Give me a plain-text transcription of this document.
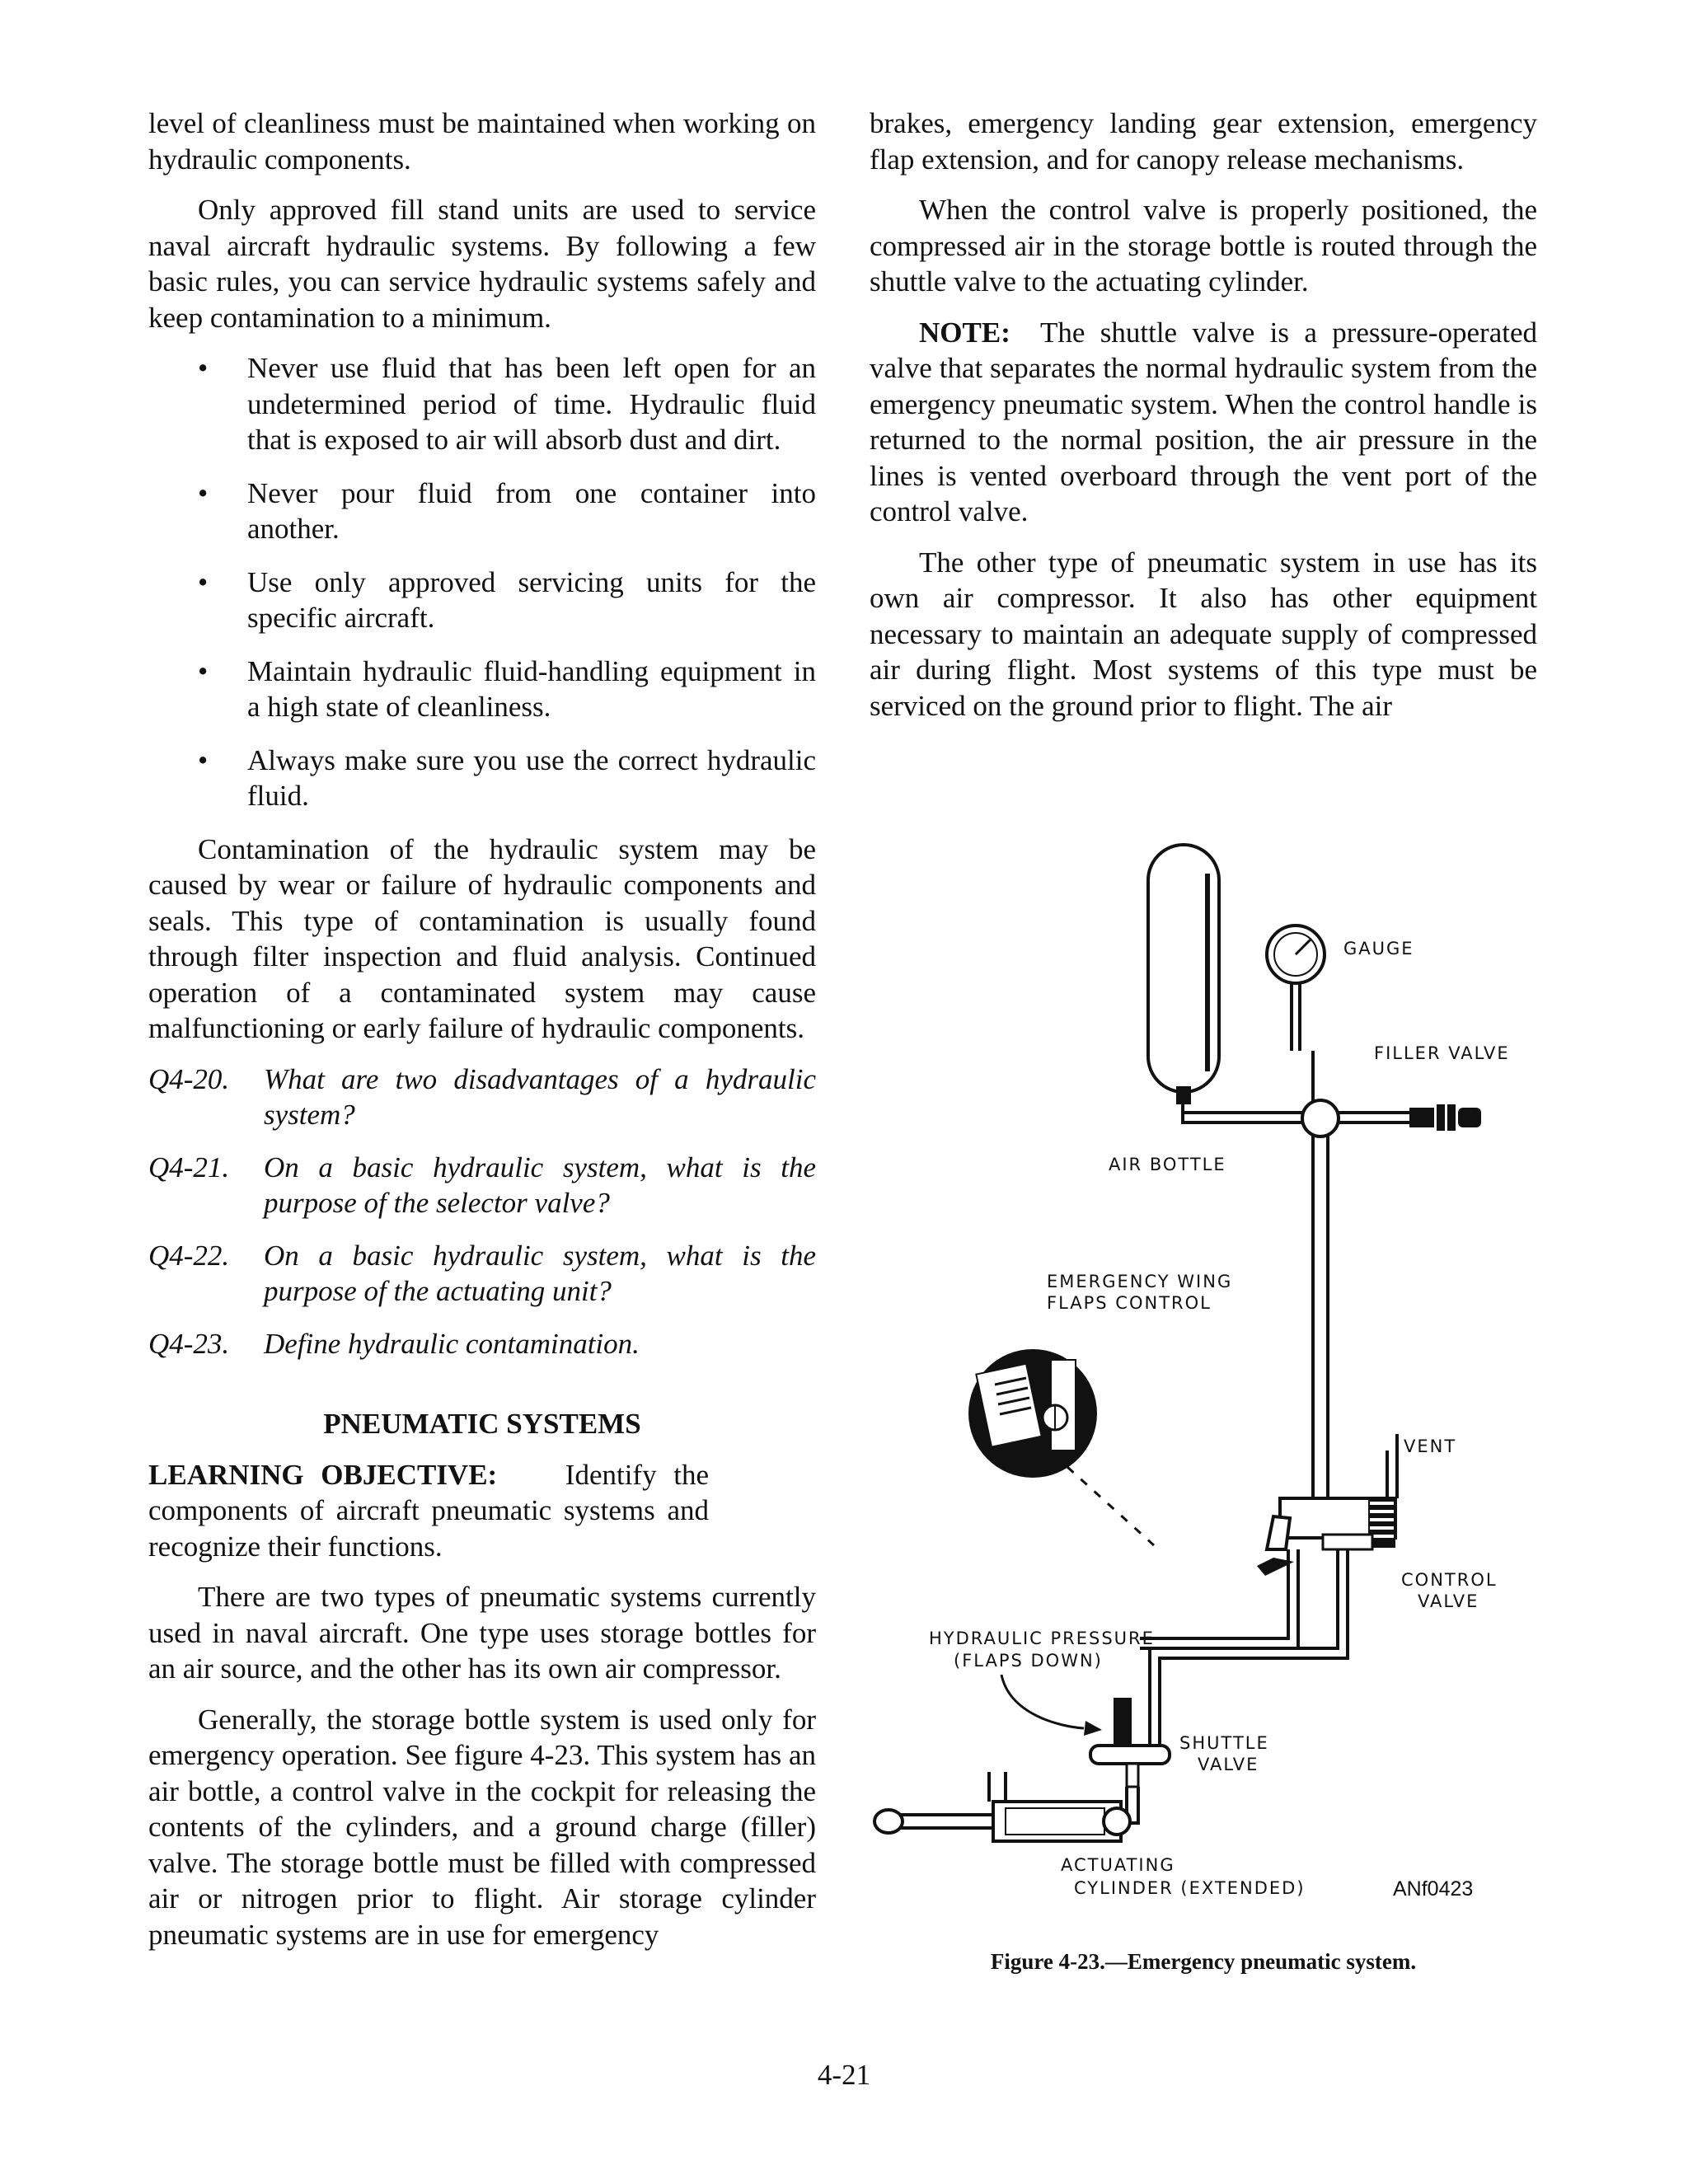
level of cleanliness must be maintained when working on hydraulic components.

Only approved fill stand units are used to service naval aircraft hydraulic systems. By following a few basic rules, you can service hydraulic systems safely and keep contamination to a minimum.

• Never use fluid that has been left open for an undetermined period of time. Hydraulic fluid that is exposed to air will absorb dust and dirt.
• Never pour fluid from one container into another.
• Use only approved servicing units for the specific aircraft.
• Maintain hydraulic fluid-handling equipment in a high state of cleanliness.
• Always make sure you use the correct hydraulic fluid.

Contamination of the hydraulic system may be caused by wear or failure of hydraulic components and seals. This type of contamination is usually found through filter inspection and fluid analysis. Continued operation of a contaminated system may cause malfunctioning or early failure of hydraulic components.

Q4-20.	What are two disadvantages of a hydraulic system?
Q4-21.	On a basic hydraulic system, what is the purpose of the selector valve?
Q4-22.	On a basic hydraulic system, what is the purpose of the actuating unit?
Q4-23.	Define hydraulic contamination.
PNEUMATIC SYSTEMS

LEARNING OBJECTIVE: Identify the components of aircraft pneumatic systems and recognize their functions.

There are two types of pneumatic systems currently used in naval aircraft. One type uses storage bottles for an air source, and the other has its own air compressor.

Generally, the storage bottle system is used only for emergency operation. See figure 4-23. This system has an air bottle, a control valve in the cockpit for releasing the contents of the cylinders, and a ground charge (filler) valve. The storage bottle must be filled with compressed air or nitrogen prior to flight. Air storage cylinder pneumatic systems are in use for emergency

brakes, emergency landing gear extension, emergency flap extension, and for canopy release mechanisms.

When the control valve is properly positioned, the compressed air in the storage bottle is routed through the shuttle valve to the actuating cylinder.

NOTE: The shuttle valve is a pressure-operated valve that separates the normal hydraulic system from the emergency pneumatic system. When the control handle is returned to the normal position, the air pressure in the lines is vented overboard through the vent port of the control valve.

The other type of pneumatic system in use has its own air compressor. It also has other equipment necessary to maintain an adequate supply of compressed air during flight. Most systems of this type must be serviced on the ground prior to flight. The air

GAUGE
FILLER VALVE
AIR BOTTLE
EMERGENCY WING
FLAPS CONTROL
VENT
CONTROL
VALVE
HYDRAULIC PRESSURE
(FLAPS DOWN)
SHUTTLE
VALVE
ACTUATING
CYLINDER (EXTENDED)	ANf0423
Figure 4-23.—Emergency pneumatic system.
4-21
